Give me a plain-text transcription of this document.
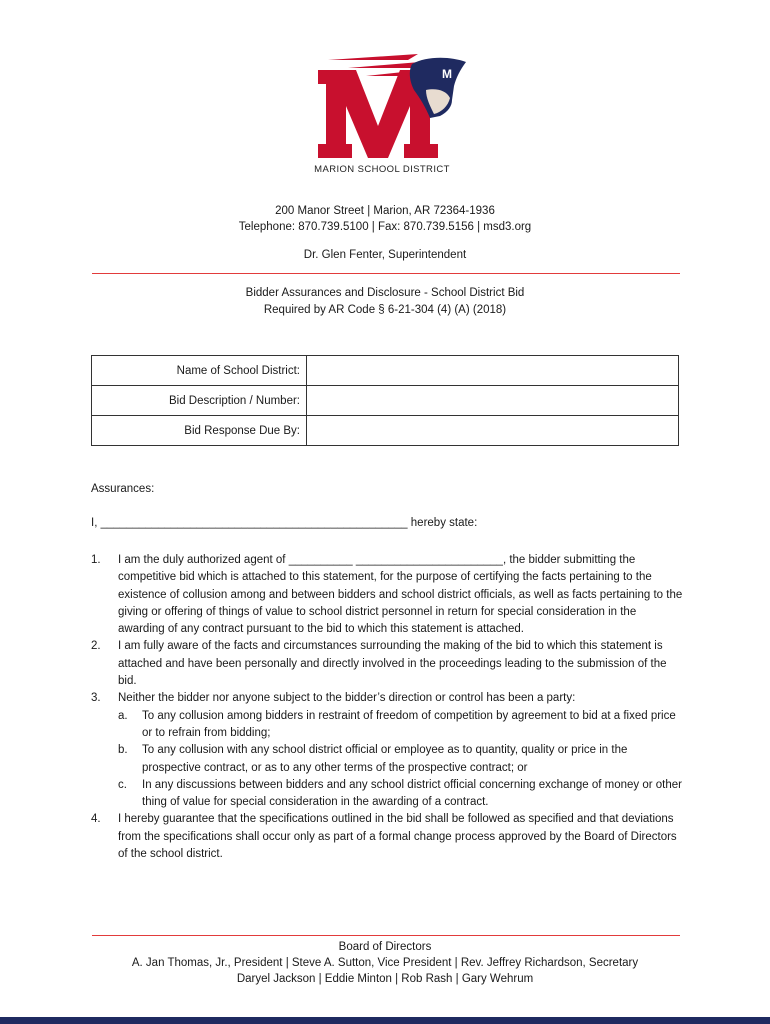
M
MARION SCHOOL DISTRICT
200 Manor Street | Marion, AR 72364-1936
Telephone: 870.739.5100 | Fax: 870.739.5156 | msd3.org
Dr. Glen Fenter, Superintendent
Bidder Assurances and Disclosure - School District Bid
Required by AR Code § 6-21-304 (4) (A) (2018)
Name of School District:	
Bid Description / Number:	
Bid Response Due By:	
Assurances:
I, ________________________________________________ hereby state:
1. I am the duly authorized agent of __________ _______________________, the bidder submitting the competitive bid which is attached to this statement, for the purpose of certifying the facts pertaining to the existence of collusion among and between bidders and school district officials, as well as facts pertaining to the giving or offering of things of value to school district personnel in return for special consideration in the awarding of any contract pursuant to the bid to which this statement is attached.
2. I am fully aware of the facts and circumstances surrounding the making of the bid to which this statement is attached and have been personally and directly involved in the proceedings leading to the submission of the bid.
3. Neither the bidder nor anyone subject to the bidder’s direction or control has been a party:
a. To any collusion among bidders in restraint of freedom of competition by agreement to bid at a fixed price or to refrain from bidding;
b. To any collusion with any school district official or employee as to quantity, quality or price in the prospective contract, or as to any other terms of the prospective contract; or
c. In any discussions between bidders and any school district official concerning exchange of money or other thing of value for special consideration in the awarding of a contract.
4. I hereby guarantee that the specifications outlined in the bid shall be followed as specified and that deviations from the specifications shall occur only as part of a formal change process approved by the Board of Directors of the school district.
Board of Directors
A. Jan Thomas, Jr., President | Steve A. Sutton, Vice President | Rev. Jeffrey Richardson, Secretary
Daryel Jackson | Eddie Minton | Rob Rash | Gary Wehrum
